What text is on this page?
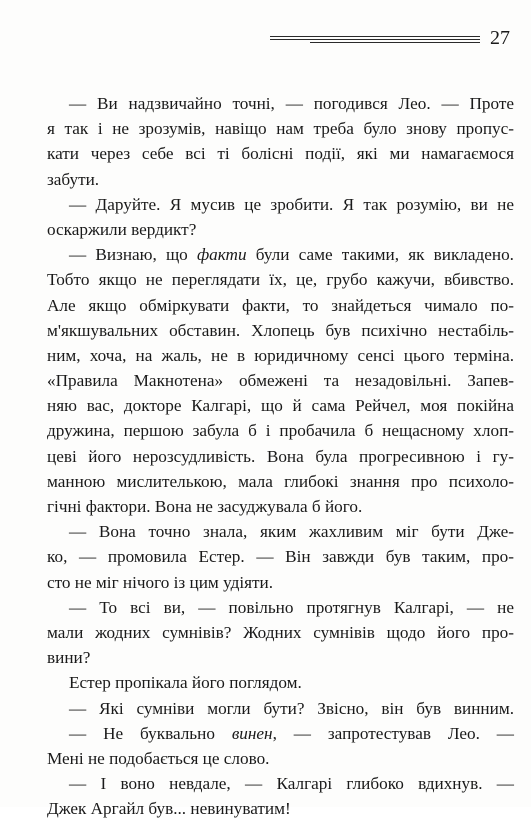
27
— Ви надзвичайно точні, — погодився Лео. — Проте
я так і не зрозумів, навіщо нам треба було знову пропус-
кати через себе всі ті болісні події, які ми намагаємося
забути.
— Даруйте. Я мусив це зробити. Я так розумію, ви не
оскаржили вердикт?
— Визнаю, що факти були саме такими, як викладено.
Тобто якщо не переглядати їх, це, грубо кажучи, вбивство.
Але якщо обміркувати факти, то знайдеться чимало по-
м'якшувальних обставин. Хлопець був психічно нестабіль-
ним, хоча, на жаль, не в юридичному сенсі цього терміна.
«Правила Макнотена» обмежені та незадовільні. Запев-
няю вас, докторе Калгарі, що й сама Рейчел, моя покійна
дружина, першою забула б і пробачила б нещасному хлоп-
цеві його нерозсудливість. Вона була прогресивною і гу-
манною мислителькою, мала глибокі знання про психоло-
гічні фактори. Вона не засуджувала б його.
— Вона точно знала, яким жахливим міг бути Дже-
ко, — промовила Естер. — Він завжди був таким, про-
сто не міг нічого із цим удіяти.
— То всі ви, — повільно протягнув Калгарі, — не
мали жодних сумнівів? Жодних сумнівів щодо його про-
вини?
Естер пропікала його поглядом.
— Які сумніви могли бути? Звісно, він був винним.
— Не буквально винен, — запротестував Лео. —
Мені не подобається це слово.
— І воно невдале, — Калгарі глибоко вдихнув. —
Джек Аргайл був... невинуватим!
